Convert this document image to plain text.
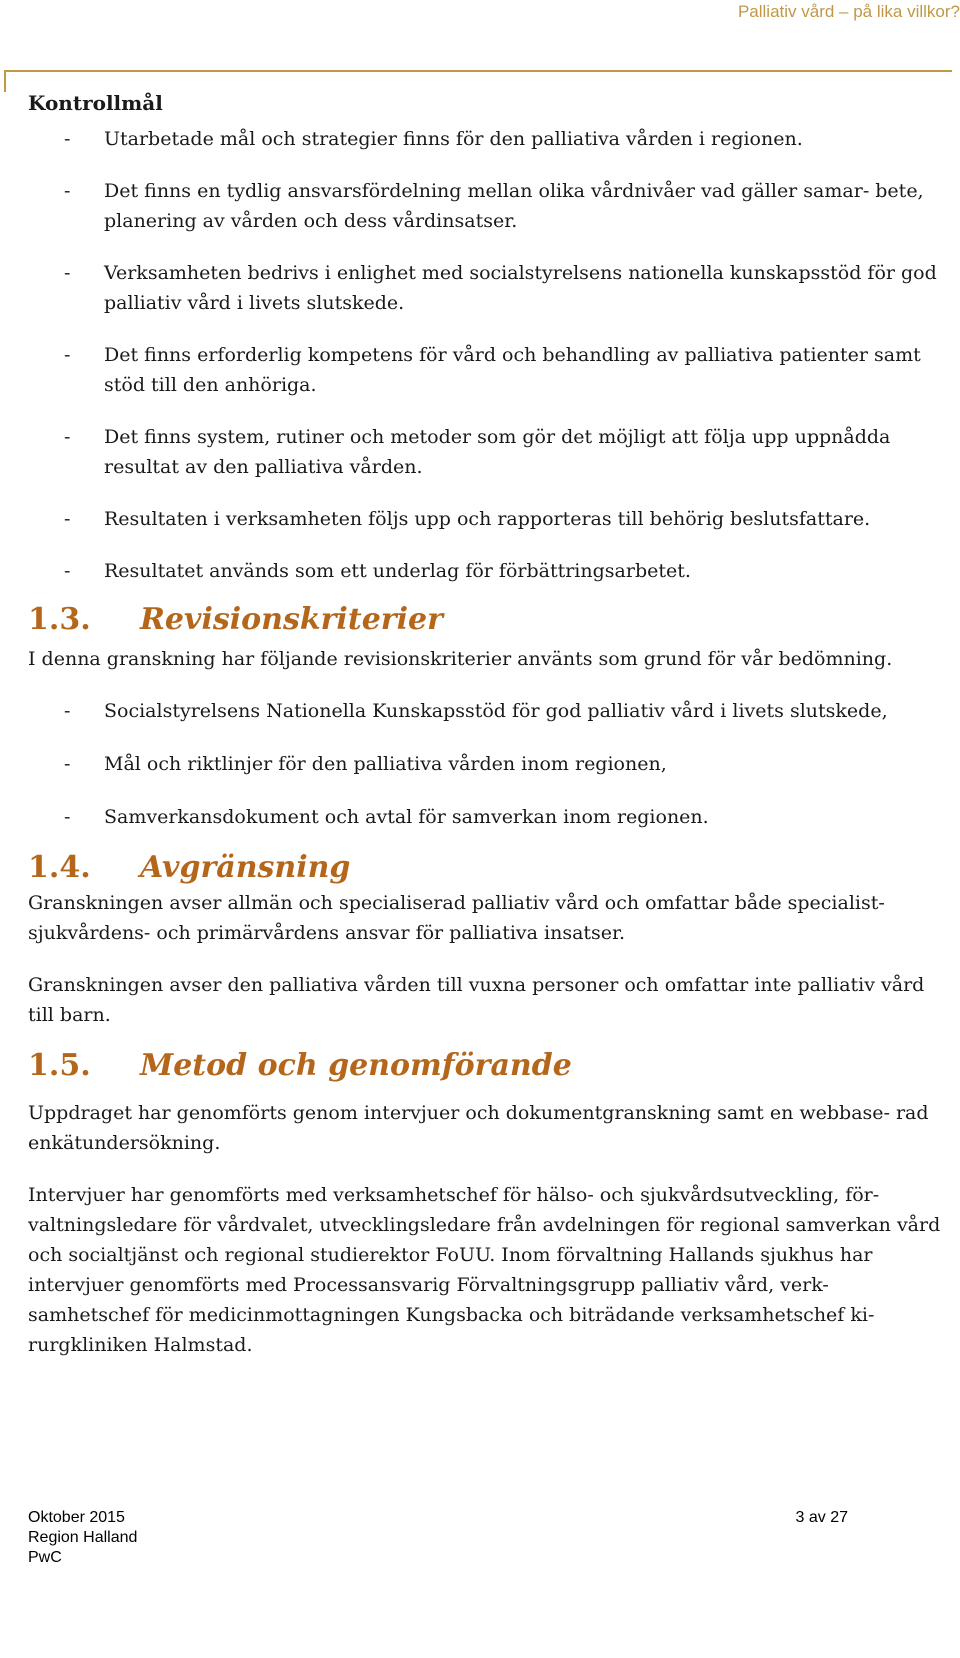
Palliativ vård – på lika villkor?
Kontrollmål
- Utarbetade mål och strategier finns för den palliativa vården i regionen.
- Det finns en tydlig ansvarsfördelning mellan olika vårdnivåer vad gäller samar- bete, planering av vården och dess vårdinsatser.
- Verksamheten bedrivs i enlighet med socialstyrelsens nationella kunskapsstöd för god palliativ vård i livets slutskede.
- Det finns erforderlig kompetens för vård och behandling av palliativa patienter samt stöd till den anhöriga.
- Det finns system, rutiner och metoder som gör det möjligt att följa upp uppnådda resultat av den palliativa vården.
- Resultaten i verksamheten följs upp och rapporteras till behörig beslutsfattare.
- Resultatet används som ett underlag för förbättringsarbetet.
1.3.	Revisionskriterier

I denna granskning har följande revisionskriterier använts som grund för vår bedömning.

- Socialstyrelsens Nationella Kunskapsstöd för god palliativ vård i livets slutskede,
- Mål och riktlinjer för den palliativa vården inom regionen,
- Samverkansdokument och avtal för samverkan inom regionen.
1.4.	Avgränsning

Granskningen avser allmän och specialiserad palliativ vård och omfattar både specialist- sjukvårdens- och primärvårdens ansvar för palliativa insatser.

Granskningen avser den palliativa vården till vuxna personer och omfattar inte palliativ vård till barn.

1.5.	Metod och genomförande

Uppdraget har genomförts genom intervjuer och dokumentgranskning samt en webbase- rad enkätundersökning.

Intervjuer har genomförts med verksamhetschef för hälso- och sjukvårdsutveckling, för- valtningsledare för vårdvalet, utvecklingsledare från avdelningen för regional samverkan vård och socialtjänst och regional studierektor FoUU. Inom förvaltning Hallands sjukhus har intervjuer genomförts med Processansvarig Förvaltningsgrupp palliativ vård, verk- samhetschef för medicinmottagningen Kungsbacka och biträdande verksamhetschef ki- rurgkliniken Halmstad.

Oktober 2015
Region Halland
PwC
3 av 27
